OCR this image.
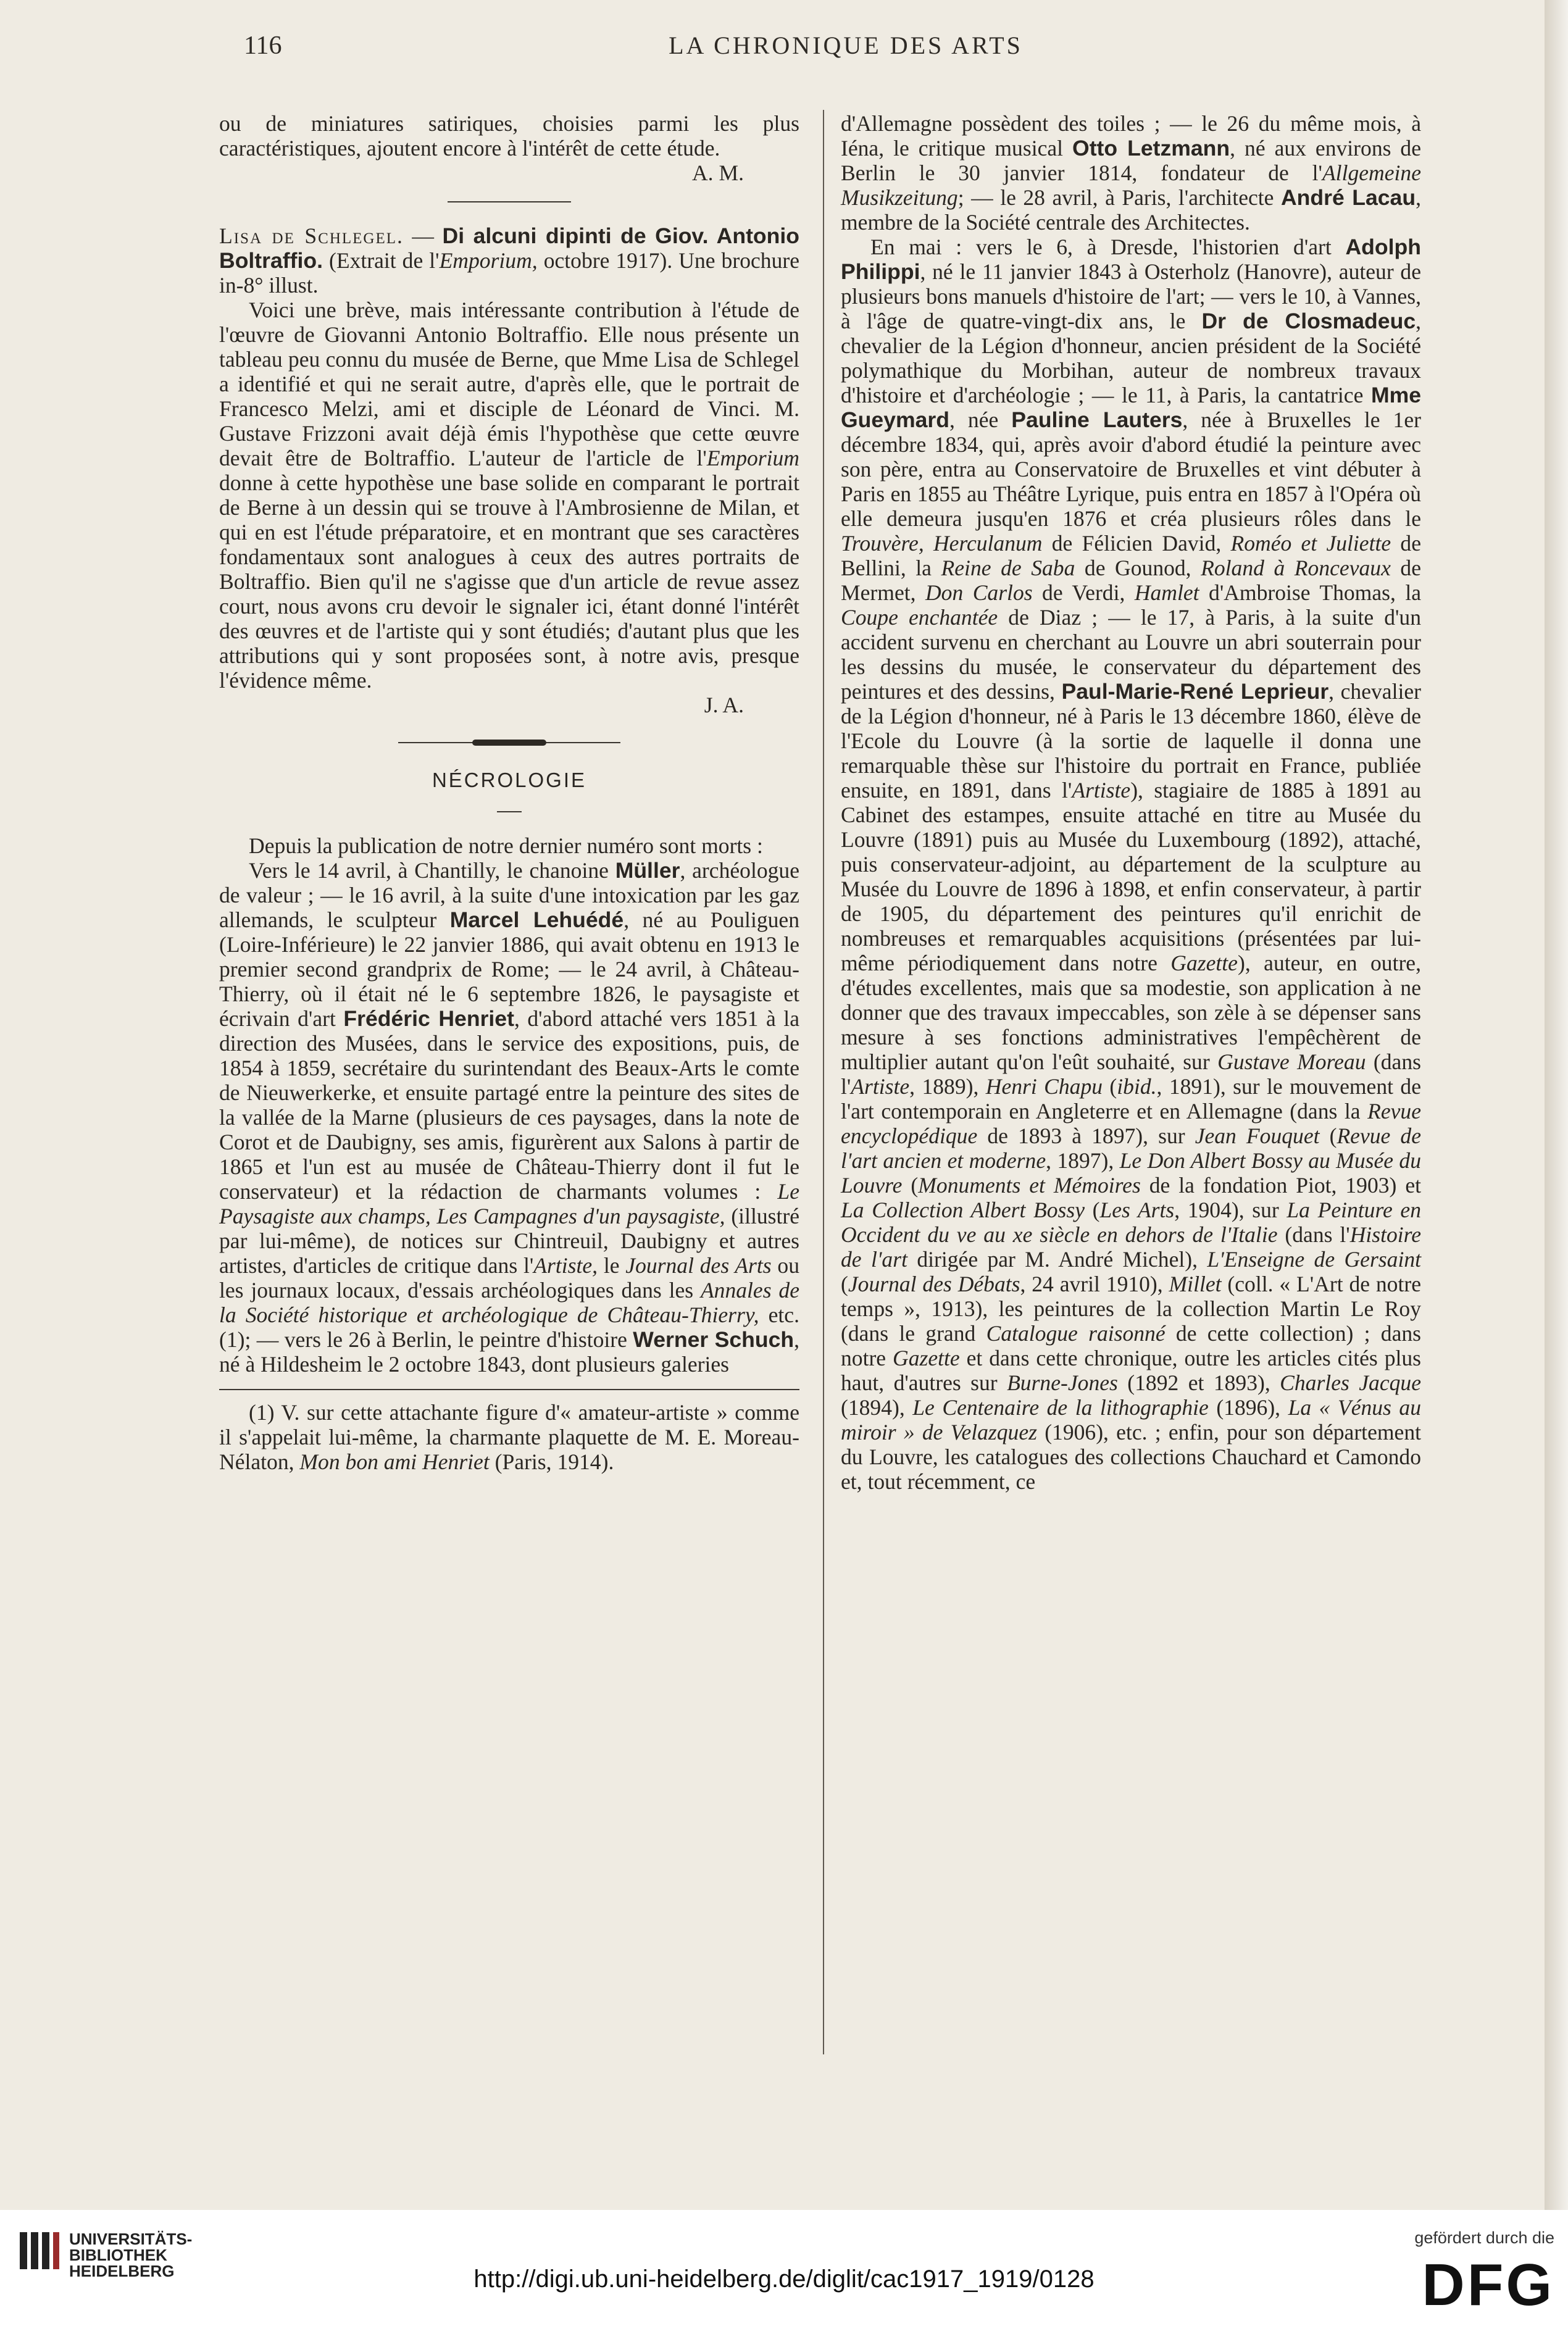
116	LA CHRONIQUE DES ARTS

ou de miniatures satiriques, choisies parmi les plus caractéristiques, ajoutent encore à l'intérêt de cette étude.

A. M.

Lisa de Schlegel. — Di alcuni dipinti de Giov. Antonio Boltraffio. (Extrait de l'Emporium, octobre 1917). Une brochure in-8° illust.

Voici une brève, mais intéressante contribution à l'étude de l'œuvre de Giovanni Antonio Boltraffio. Elle nous présente un tableau peu connu du musée de Berne, que Mme Lisa de Schlegel a identifié et qui ne serait autre, d'après elle, que le portrait de Francesco Melzi, ami et disciple de Léonard de Vinci. M. Gustave Frizzoni avait déjà émis l'hypothèse que cette œuvre devait être de Boltraffio. L'auteur de l'article de l'Emporium donne à cette hypothèse une base solide en comparant le portrait de Berne à un dessin qui se trouve à l'Ambrosienne de Milan, et qui en est l'étude préparatoire, et en montrant que ses caractères fondamentaux sont analogues à ceux des autres portraits de Boltraffio. Bien qu'il ne s'agisse que d'un article de revue assez court, nous avons cru devoir le signaler ici, étant donné l'intérêt des œuvres et de l'artiste qui y sont étudiés; d'autant plus que les attributions qui y sont proposées sont, à notre avis, presque l'évidence même.

J. A.

NÉCROLOGIE

Depuis la publication de notre dernier numéro sont morts :

Vers le 14 avril, à Chantilly, le chanoine Müller, archéologue de valeur ; — le 16 avril, à la suite d'une intoxication par les gaz allemands, le sculpteur Marcel Lehuédé, né au Pouliguen (Loire-Inférieure) le 22 janvier 1886, qui avait obtenu en 1913 le premier second grandprix de Rome; — le 24 avril, à Château-Thierry, où il était né le 6 septembre 1826, le paysagiste et écrivain d'art Frédéric Henriet, d'abord attaché vers 1851 à la direction des Musées, dans le service des expositions, puis, de 1854 à 1859, secrétaire du surintendant des Beaux-Arts le comte de Nieuwerkerke, et ensuite partagé entre la peinture des sites de la vallée de la Marne (plusieurs de ces paysages, dans la note de Corot et de Daubigny, ses amis, figurèrent aux Salons à partir de 1865 et l'un est au musée de Château-Thierry dont il fut le conservateur) et la rédaction de charmants volumes : Le Paysagiste aux champs, Les Campagnes d'un paysagiste, (illustré par lui-même), de notices sur Chintreuil, Daubigny et autres artistes, d'articles de critique dans l'Artiste, le Journal des Arts ou les journaux locaux, d'essais archéologiques dans les Annales de la Société historique et archéologique de Château-Thierry, etc. (1); — vers le 26 à Berlin, le peintre d'histoire Werner Schuch, né à Hildesheim le 2 octobre 1843, dont plusieurs galeries

(1) V. sur cette attachante figure d'« amateur-artiste » comme il s'appelait lui-même, la charmante plaquette de M. E. Moreau-Nélaton, Mon bon ami Henriet (Paris, 1914).

d'Allemagne possèdent des toiles ; — le 26 du même mois, à Iéna, le critique musical Otto Letzmann, né aux environs de Berlin le 30 janvier 1814, fondateur de l'Allgemeine Musikzeitung; — le 28 avril, à Paris, l'architecte André Lacau, membre de la Société centrale des Architectes.

En mai : vers le 6, à Dresde, l'historien d'art Adolph Philippi, né le 11 janvier 1843 à Osterholz (Hanovre), auteur de plusieurs bons manuels d'histoire de l'art; — vers le 10, à Vannes, à l'âge de quatre-vingt-dix ans, le Dr de Closmadeuc, chevalier de la Légion d'honneur, ancien président de la Société polymathique du Morbihan, auteur de nombreux travaux d'histoire et d'archéologie ; — le 11, à Paris, la cantatrice Mme Gueymard, née Pauline Lauters, née à Bruxelles le 1er décembre 1834, qui, après avoir d'abord étudié la peinture avec son père, entra au Conservatoire de Bruxelles et vint débuter à Paris en 1855 au Théâtre Lyrique, puis entra en 1857 à l'Opéra où elle demeura jusqu'en 1876 et créa plusieurs rôles dans le Trouvère, Herculanum de Félicien David, Roméo et Juliette de Bellini, la Reine de Saba de Gounod, Roland à Roncevaux de Mermet, Don Carlos de Verdi, Hamlet d'Ambroise Thomas, la Coupe enchantée de Diaz ; — le 17, à Paris, à la suite d'un accident survenu en cherchant au Louvre un abri souterrain pour les dessins du musée, le conservateur du département des peintures et des dessins, Paul-Marie-René Leprieur, chevalier de la Légion d'honneur, né à Paris le 13 décembre 1860, élève de l'Ecole du Louvre (à la sortie de laquelle il donna une remarquable thèse sur l'histoire du portrait en France, publiée ensuite, en 1891, dans l'Artiste), stagiaire de 1885 à 1891 au Cabinet des estampes, ensuite attaché en titre au Musée du Louvre (1891) puis au Musée du Luxembourg (1892), attaché, puis conservateur-adjoint, au département de la sculpture au Musée du Louvre de 1896 à 1898, et enfin conservateur, à partir de 1905, du département des peintures qu'il enrichit de nombreuses et remarquables acquisitions (présentées par lui-même périodiquement dans notre Gazette), auteur, en outre, d'études excellentes, mais que sa modestie, son application à ne donner que des travaux impeccables, son zèle à se dépenser sans mesure à ses fonctions administratives l'empêchèrent de multiplier autant qu'on l'eût souhaité, sur Gustave Moreau (dans l'Artiste, 1889), Henri Chapu (ibid., 1891), sur le mouvement de l'art contemporain en Angleterre et en Allemagne (dans la Revue encyclopédique de 1893 à 1897), sur Jean Fouquet (Revue de l'art ancien et moderne, 1897), Le Don Albert Bossy au Musée du Louvre (Monuments et Mémoires de la fondation Piot, 1903) et La Collection Albert Bossy (Les Arts, 1904), sur La Peinture en Occident du ve au xe siècle en dehors de l'Italie (dans l'Histoire de l'art dirigée par M. André Michel), L'Enseigne de Gersaint (Journal des Débats, 24 avril 1910), Millet (coll. « L'Art de notre temps », 1913), les peintures de la collection Martin Le Roy (dans le grand Catalogue raisonné de cette collection) ; dans notre Gazette et dans cette chronique, outre les articles cités plus haut, d'autres sur Burne-Jones (1892 et 1893), Charles Jacque (1894), Le Centenaire de la lithographie (1896), La « Vénus au miroir » de Velazquez (1906), etc. ; enfin, pour son département du Louvre, les catalogues des collections Chauchard et Camondo et, tout récemment, ce

UNIVERSITÄTS-
BIBLIOTHEK
HEIDELBERG	http://digi.ub.uni-heidelberg.de/diglit/cac1917_1919/0128
gefördert durch die
DFG
